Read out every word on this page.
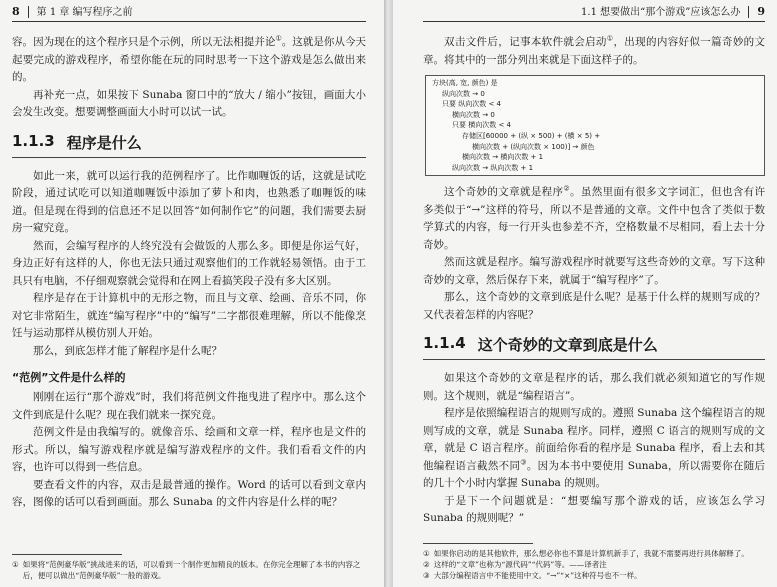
8 第 1 章 编写程序之前

容。因为现在的这个程序只是个示例，所以无法相提并论①。这就是你从今天起要完成的游戏程序，希望你能在玩的同时思考一下这个游戏是怎么做出来的。

再补充一点，如果按下 Sunaba 窗口中的“放大 / 缩小”按钮，画面大小会发生改变。想要调整画面大小时可以试一试。

1.1.3 程序是什么

如此一来，就可以运行我的范例程序了。比作咖喱饭的话，这就是试吃阶段，通过试吃可以知道咖喱饭中添加了萝卜和肉，也熟悉了咖喱饭的味道。但是现在得到的信息还不足以回答“如何制作它”的问题，我们需要去厨房一窥究竟。

然而，会编写程序的人终究没有会做饭的人那么多。即便是你运气好，身边正好有这样的人，你也无法只通过观察他们的工作就轻易领悟。由于工具只有电脑，不仔细观察就会觉得和在网上看搞笑段子没有多大区别。

程序是存在于计算机中的无形之物，而且与文章、绘画、音乐不同，你对它非常陌生，就连“编写程序”中的“编写”二字都很难理解，所以不能像烹饪与运动那样从模仿别人开始。

那么，到底怎样才能了解程序是什么呢？

“范例”文件是什么样的

刚刚在运行“那个游戏”时，我们将范例文件拖曳进了程序中。那么这个文件到底是什么呢？现在我们就来一探究竟。

范例文件是由我编写的。就像音乐、绘画和文章一样，程序也是文件的形式。所以，编写游戏程序就是编写游戏程序的文件。我们看看文件的内容，也许可以得到一些信息。

要查看文件的内容，双击是最普通的操作。Word 的话可以看到文章内容，图像的话可以看到画面。那么 Sunaba 的文件内容是什么样的呢？

① 如果将“范例豪华版”挑战进来的话，可以看到一个制作更加精良的版本。在你完全理解了本书的内容之后，便可以做出“范例豪华版”一般的游戏。
1.1 想要做出“那个游戏”应该怎么办 9

双击文件后，记事本软件就会启动①，出现的内容好似一篇奇妙的文章。将其中的一部分列出来就是下面这样子的。

方块(高, 宽, 颜色) 是
纵向次数 → 0
只要 纵向次数 < 4
横向次数 → 0
只要 横向次数 < 4
存储区[60000 + (纵 × 500) + (横 × 5) +
横向次数 + (纵向次数 × 100)] → 颜色
横向次数 → 横向次数 + 1
纵向次数 → 纵向次数 + 1

这个奇妙的文章就是程序②。虽然里面有很多文字词汇，但也含有许多类似于“→”这样的符号，所以不是普通的文章。文件中包含了类似于数学算式的内容，每一行开头也参差不齐，空格数量不尽相同，看上去十分奇妙。

然而这就是程序。编写游戏程序时就要写这些奇妙的文章。写下这种奇妙的文章，然后保存下来，就属于“编写程序”了。

那么，这个奇妙的文章到底是什么呢？是基于什么样的规则写成的？又代表着怎样的内容呢？

1.1.4 这个奇妙的文章到底是什么

如果这个奇妙的文章是程序的话，那么我们就必须知道它的写作规则。这个规则，就是“编程语言”。

程序是依照编程语言的规则写成的。遵照 Sunaba 这个编程语言的规则写成的文章，就是 Sunaba 程序。同样，遵照 C 语言的规则写成的文章，就是 C 语言程序。前面给你看的程序是 Sunaba 程序，看上去和其他编程语言截然不同③。因为本书中要使用 Sunaba，所以需要你在随后的几十个小时内掌握 Sunaba 的规则。

于是下一个问题就是：“想要编写那个游戏的话，应该怎么学习 Sunaba 的规则呢？”

① 如果你启动的是其他软件，那么想必你也不算是计算机新手了，我就不需要再进行具体解释了。
② 这样的“文章”也称为“源代码”“代码”等。——译者注
③ 大部分编程语言中不能使用中文。“→”“×”这种符号也不一样。
